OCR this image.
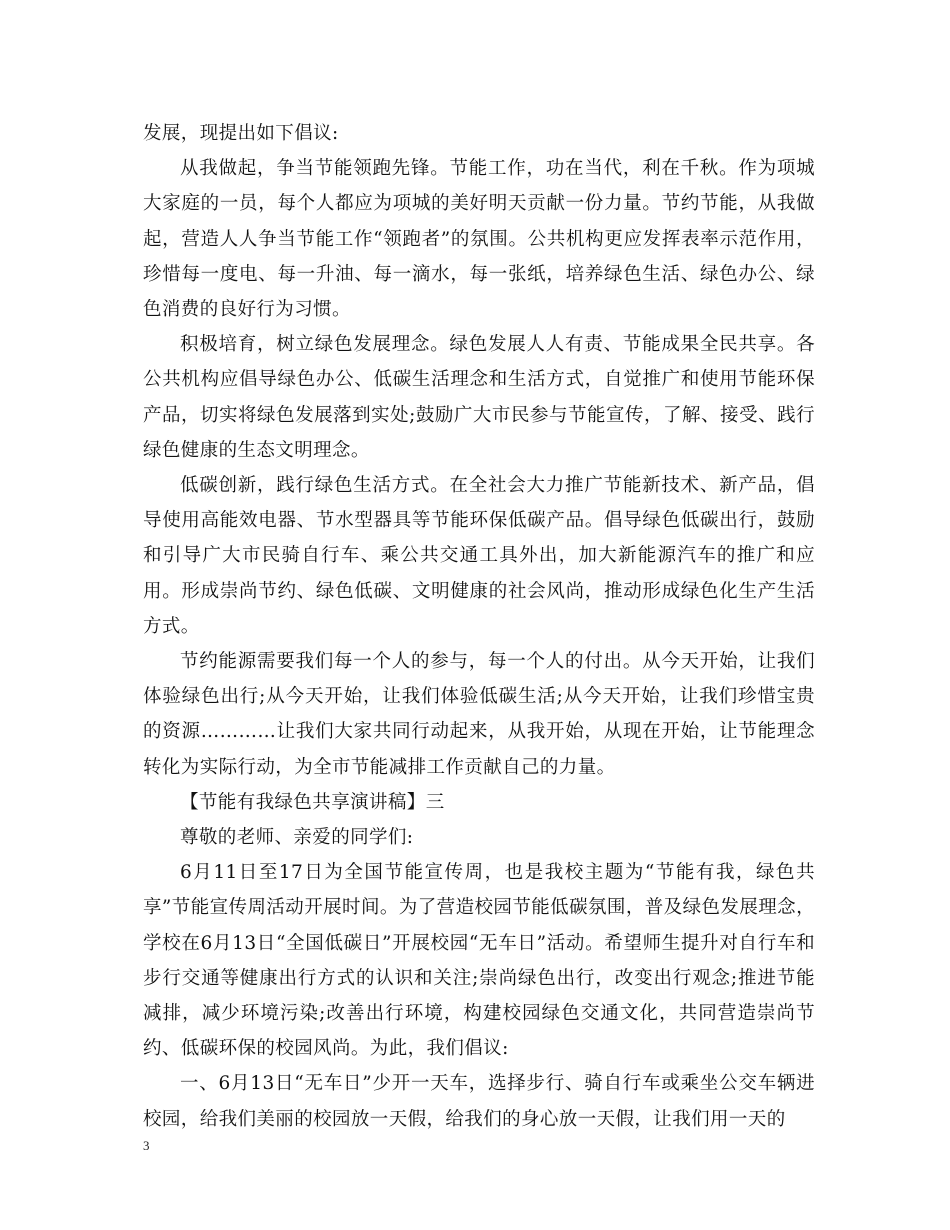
发展，现提出如下倡议:

从我做起，争当节能领跑先锋。节能工作，功在当代，利在千秋。作为项城大家庭的一员，每个人都应为项城的美好明天贡献一份力量。节约节能，从我做起，营造人人争当节能工作“领跑者”的氛围。公共机构更应发挥表率示范作用，珍惜每一度电、每一升油、每一滴水，每一张纸，培养绿色生活、绿色办公、绿色消费的良好行为习惯。

积极培育，树立绿色发展理念。绿色发展人人有责、节能成果全民共享。各公共机构应倡导绿色办公、低碳生活理念和生活方式，自觉推广和使用节能环保产品，切实将绿色发展落到实处;鼓励广大市民参与节能宣传，了解、接受、践行绿色健康的生态文明理念。

低碳创新，践行绿色生活方式。在全社会大力推广节能新技术、新产品，倡导使用高能效电器、节水型器具等节能环保低碳产品。倡导绿色低碳出行，鼓励和引导广大市民骑自行车、乘公共交通工具外出，加大新能源汽车的推广和应用。形成崇尚节约、绿色低碳、文明健康的社会风尚，推动形成绿色化生产生活方式。

节约能源需要我们每一个人的参与，每一个人的付出。从今天开始，让我们体验绿色出行;从今天开始，让我们体验低碳生活;从今天开始，让我们珍惜宝贵的资源…………让我们大家共同行动起来，从我开始，从现在开始，让节能理念转化为实际行动，为全市节能减排工作贡献自己的力量。

【节能有我绿色共享演讲稿】三

尊敬的老师、亲爱的同学们:

6月11日至17日为全国节能宣传周，也是我校主题为“节能有我，绿色共享”节能宣传周活动开展时间。为了营造校园节能低碳氛围，普及绿色发展理念，学校在6月13日“全国低碳日”开展校园“无车日”活动。希望师生提升对自行车和步行交通等健康出行方式的认识和关注;崇尚绿色出行，改变出行观念;推进节能减排，减少环境污染;改善出行环境，构建校园绿色交通文化，共同营造崇尚节约、低碳环保的校园风尚。为此，我们倡议:

一、6月13日“无车日”少开一天车，选择步行、骑自行车或乘坐公交车辆进校园，给我们美丽的校园放一天假，给我们的身心放一天假，让我们用一天的

3
